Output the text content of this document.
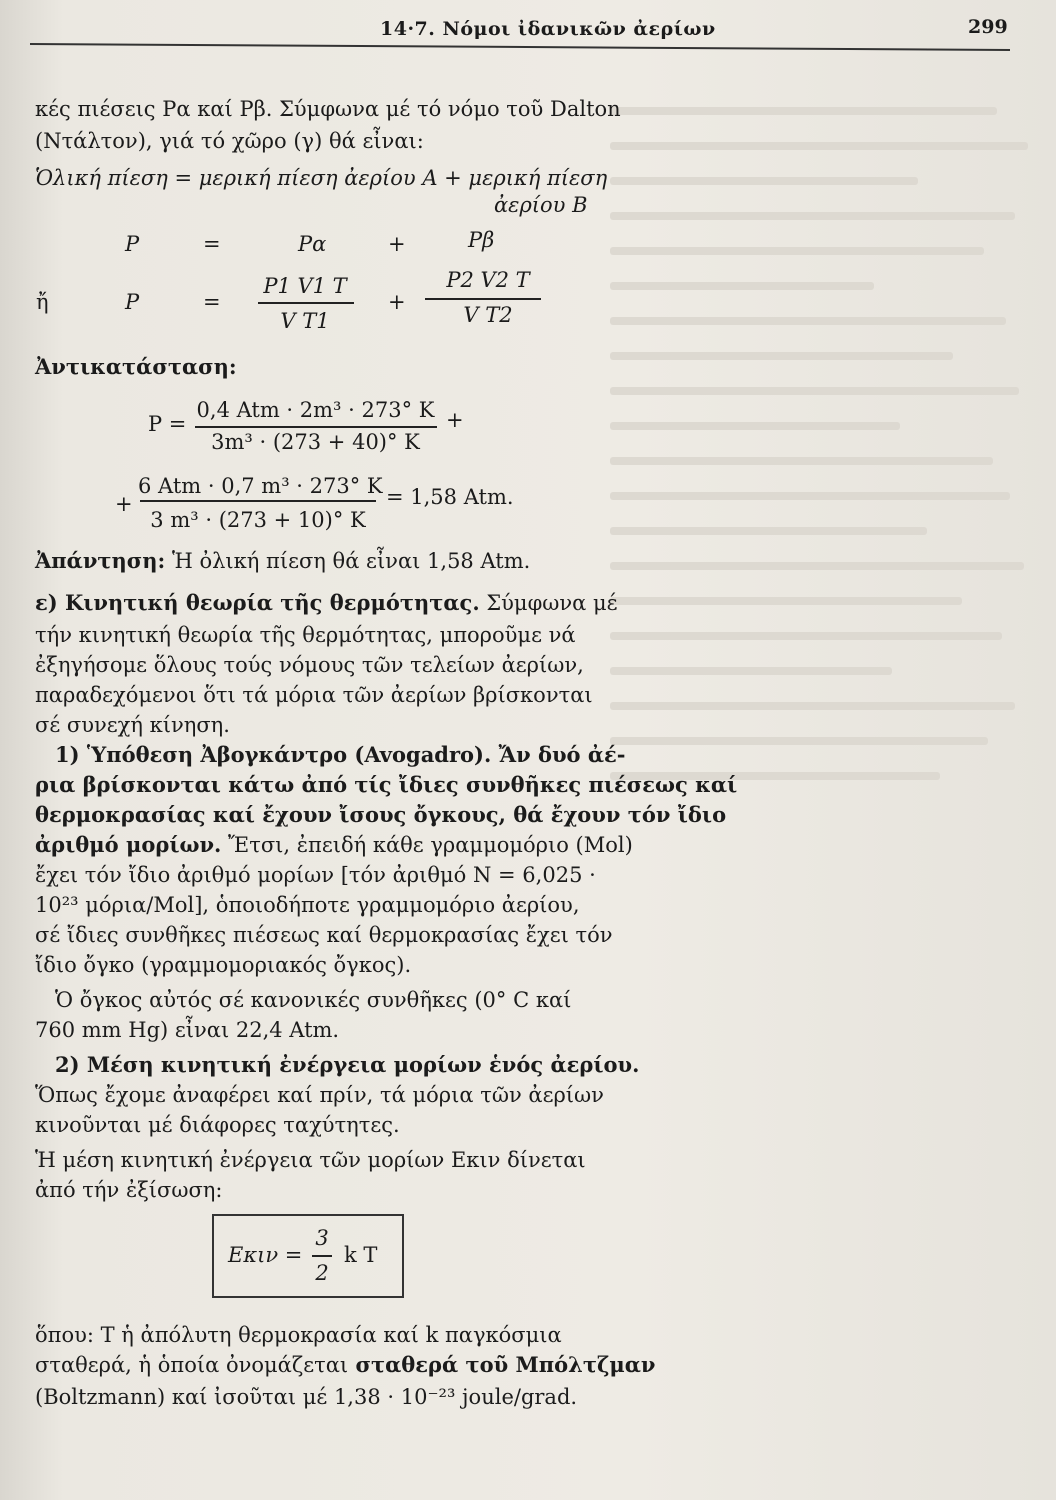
14·7. Νόμοι ἰδανικῶν ἀερίων	299
κές πιέσεις Pα καί Pβ. Σύμφωνα μέ τό νόμο τοῦ Dalton
(Ντάλτον), γιά τό χῶρο (γ) θά εἶναι:
Ὁλική πίεση = μερική πίεση ἀερίου A + μερική πίεση
ἀερίου B
P	=	Pα	+	Pβ
ἤ	P	=
P1 V1 T
V T1
+
P2 V2 T
V T2
Ἀντικατάσταση:
P =
0,4 Atm · 2m³ · 273° K
3m³ · (273 + 40)° K
+
+
6 Atm · 0,7 m³ · 273° K
3 m³ · (273 + 10)° K
= 1,58 Atm.
Ἀπάντηση: Ἡ ὀλική πίεση θά εἶναι 1,58 Atm.
ε) Κινητική θεωρία τῆς θερμότητας. Σύμφωνα μέ
τήν κινητική θεωρία τῆς θερμότητας, μποροῦμε νά
ἐξηγήσομε ὅλους τούς νόμους τῶν τελείων ἀερίων,
παραδεχόμενοι ὅτι τά μόρια τῶν ἀερίων βρίσκονται
σέ συνεχή κίνηση.
1) Ὑπόθεση Ἀβογκάντρο (Avogadro). Ἄν δυό ἀέ-
ρια βρίσκονται κάτω ἀπό τίς ἴδιες συνθῆκες πιέσεως καί
θερμοκρασίας καί ἔχουν ἴσους ὄγκους, θά ἔχουν τόν ἴδιο
ἀριθμό μορίων. Ἔτσι, ἐπειδή κάθε γραμμομόριο (Mol)
ἔχει τόν ἴδιο ἀριθμό μορίων [τόν ἀριθμό N = 6,025 ·
10²³ μόρια/Mol], ὁποιοδήποτε γραμμομόριο ἀερίου,
σέ ἴδιες συνθῆκες πιέσεως καί θερμοκρασίας ἔχει τόν
ἴδιο ὄγκο (γραμμομοριακός ὄγκος).
Ὁ ὄγκος αὐτός σέ κανονικές συνθῆκες (0° C καί
760 mm Hg) εἶναι 22,4 Atm.
2) Μέση κινητική ἐνέργεια μορίων ἑνός ἀερίου.
Ὅπως ἔχομε ἀναφέρει καί πρίν, τά μόρια τῶν ἀερίων
κινοῦνται μέ διάφορες ταχύτητες.
Ἡ μέση κινητική ἐνέργεια τῶν μορίων Eκιν δίνεται
ἀπό τήν ἐξίσωση:
Eκιν =
3
2
k T
ὅπου: T ἡ ἀπόλυτη θερμοκρασία καί k παγκόσμια
σταθερά, ἡ ὁποία ὀνομάζεται σταθερά τοῦ Μπόλτζμαν
(Boltzmann) καί ἰσοῦται μέ 1,38 · 10⁻²³ joule/grad.
